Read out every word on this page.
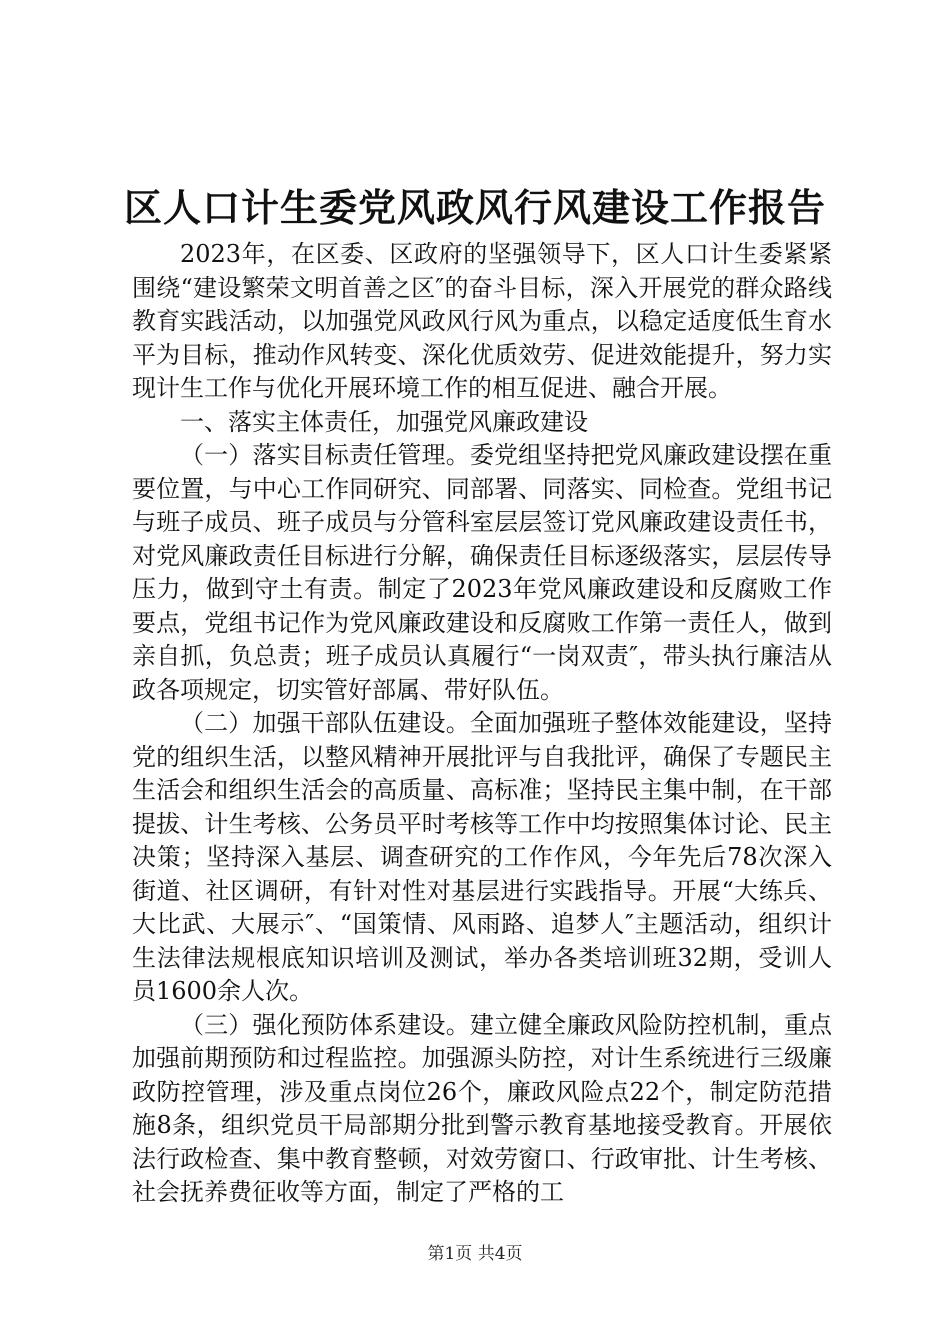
区人口计生委党风政风行风建设工作报告

2023年，在区委、区政府的坚强领导下，区人口计生委紧紧围绕“建设繁荣文明首善之区″的奋斗目标，深入开展党的群众路线教育实践活动，以加强党风政风行风为重点，以稳定适度低生育水平为目标，推动作风转变、深化优质效劳、促进效能提升，努力实现计生工作与优化开展环境工作的相互促进、融合开展。

一、落实主体责任，加强党风廉政建设

（一）落实目标责任管理。委党组坚持把党风廉政建设摆在重要位置，与中心工作同研究、同部署、同落实、同检查。党组书记与班子成员、班子成员与分管科室层层签订党风廉政建设责任书，对党风廉政责任目标进行分解，确保责任目标逐级落实，层层传导压力，做到守土有责。制定了2023年党风廉政建设和反腐败工作要点，党组书记作为党风廉政建设和反腐败工作第一责任人，做到亲自抓，负总责；班子成员认真履行“一岗双责″，带头执行廉洁从政各项规定，切实管好部属、带好队伍。

（二）加强干部队伍建设。全面加强班子整体效能建设，坚持党的组织生活，以整风精神开展批评与自我批评，确保了专题民主生活会和组织生活会的高质量、高标准；坚持民主集中制，在干部提拔、计生考核、公务员平时考核等工作中均按照集体讨论、民主决策；坚持深入基层、调查研究的工作作风，今年先后78次深入街道、社区调研，有针对性对基层进行实践指导。开展“大练兵、大比武、大展示″、“国策情、风雨路、追梦人″主题活动，组织计生法律法规根底知识培训及测试，举办各类培训班32期，受训人员1600余人次。

（三）强化预防体系建设。建立健全廉政风险防控机制，重点加强前期预防和过程监控。加强源头防控，对计生系统进行三级廉政防控管理，涉及重点岗位26个，廉政风险点22个，制定防范措施8条，组织党员干局部期分批到警示教育基地接受教育。开展依法行政检查、集中教育整顿，对效劳窗口、行政审批、计生考核、社会抚养费征收等方面，制定了严格的工

第1页 共4页
